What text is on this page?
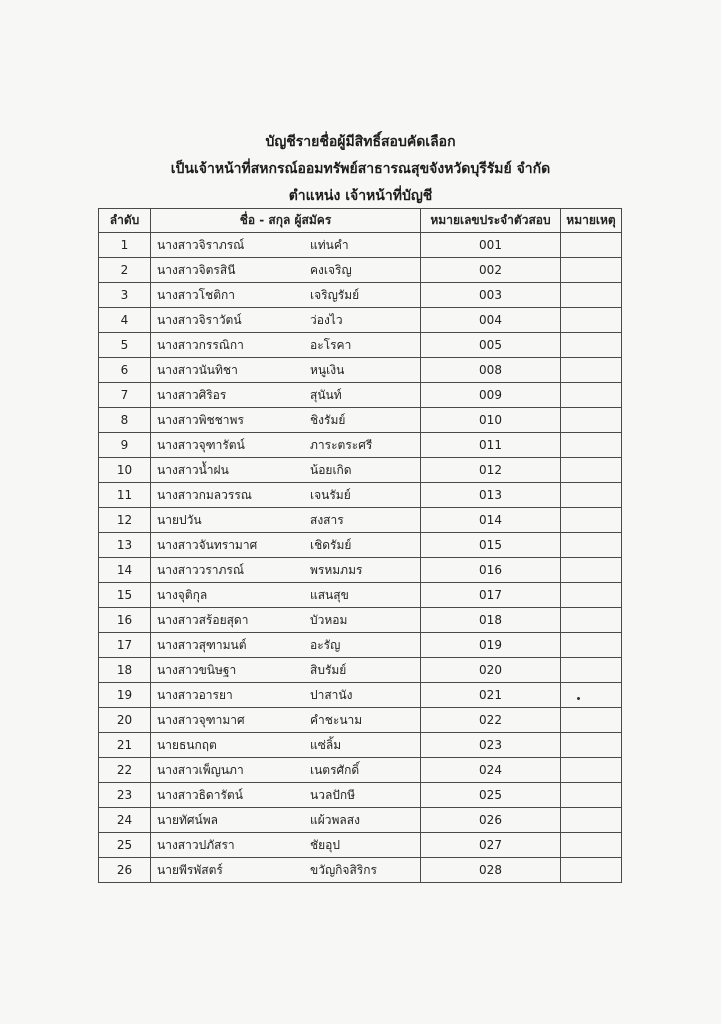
บัญชีรายชื่อผู้มีสิทธิ์สอบคัดเลือก
เป็นเจ้าหน้าที่สหกรณ์ออมทรัพย์สาธารณสุขจังหวัดบุรีรัมย์ จำกัด
ตำแหน่ง เจ้าหน้าที่บัญชี
ลำดับ	ชื่อ - สกุล ผู้สมัคร	หมายเลขประจำตัวสอบ	หมายเหตุ
1	นางสาวจิราภรณ์ แท่นคำ	001	
2	นางสาวจิตรสินี คงเจริญ	002	
3	นางสาวโชติกา เจริญรัมย์	003	
4	นางสาวจิราวัตน์ ว่องไว	004	
5	นางสาวกรรณิกา อะโรคา	005	
6	นางสาวนันทิชา หนูเงิน	008	
7	นางสาวศิริอร สุนันท์	009	
8	นางสาวพิชชาพร ชิงรัมย์	010	
9	นางสาวจุฑารัตน์ ภาระตระศรี	011	
10	นางสาวน้ำฝน น้อยเกิด	012	
11	นางสาวกมลวรรณ เจนรัมย์	013	
12	นายปวัน สงสาร	014	
13	นางสาวจันทรามาศ เชิดรัมย์	015	
14	นางสาววราภรณ์ พรหมภมร	016	
15	นางจุติกุล แสนสุข	017	
16	นางสาวสร้อยสุดา บัวหอม	018	
17	นางสาวสุฑามนต์ อะรัญ	019	
18	นางสาวขนิษฐา สิบรัมย์	020	
19	นางสาวอารยา ปาสานัง	021	
20	นางสาวจุฑามาศ คำชะนาม	022	
21	นายธนกฤต แซ่ลิ้ม	023	
22	นางสาวเพ็ญนภา เนตรศักดิ์	024	
23	นางสาวธิดารัตน์ นวลปักษี	025	
24	นายทัศน์พล แผ้วพลสง	026	
25	นางสาวปภัสรา ชัยอุป	027	
26	นายพีรพัสตร์ ขวัญกิจสิริกร	028	
